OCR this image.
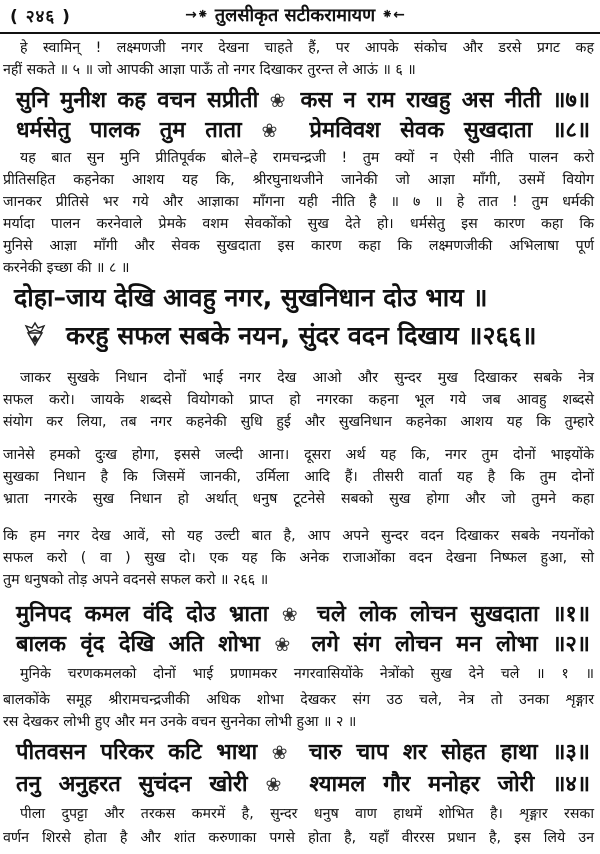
( २४६ )	→⁕ तुलसीकृत सटीकरामायण ⁕←
हे स्वामिन् ! लक्ष्मणजी नगर देखना चाहते हैं, पर आपके संकोच और डरसे प्रगट कह
नहीं सकते ॥ ५ ॥ जो आपकी आज्ञा पाऊँ तो नगर दिखाकर तुरन्त ले आऊं ॥ ६ ॥
सुनि मुनीश कह वचन सप्रीती ❀ कस न राम राखहु अस नीती ॥७॥
धर्मसेतु पालक तुम ताता ❀ प्रेमविवश सेवक सुखदाता ॥८॥
यह बात सुन मुनि प्रीतिपूर्वक बोले–हे रामचन्द्रजी ! तुम क्यों न ऐसी नीति पालन करो
प्रीतिसहित कहनेका आशय यह कि, श्रीरघुनाथजीने जानेकी जो आज्ञा माँगी, उसमें वियोग
जानकर प्रीतिसे भर गये और आज्ञाका माँगना यही नीति है ॥ ७ ॥ हे तात ! तुम धर्मकी
मर्यादा पालन करनेवाले प्रेमके वशम सेवकोंको सुख देते हो। धर्मसेतु इस कारण कहा कि
मुनिसे आज्ञा माँगी और सेवक सुखदाता इस कारण कहा कि लक्ष्मणजीकी अभिलाषा पूर्ण
करनेकी इच्छा की ॥ ८ ॥
दोहा–जाय देखि आवहु नगर, सुखनिधान दोउ भाय ॥
करहु सफल सबके नयन, सुंदर वदन दिखाय ॥२६६॥
जाकर सुखके निधान दोनों भाई नगर देख आओ और सुन्दर मुख दिखाकर सबके नेत्र
सफल करो। जायके शब्दसे वियोगको प्राप्त हो नगरका कहना भूल गये जब आवहु शब्दसे
संयोग कर लिया, तब नगर कहनेकी सुधि हुई और सुखनिधान कहनेका आशय यह कि तुम्हारे
जानेसे हमको दुःख होगा, इससे जल्दी आना। दूसरा अर्थ यह कि, नगर तुम दोनों भाइयोंके
सुखका निधान है कि जिसमें जानकी, उर्मिला आदि हैं। तीसरी वार्ता यह है कि तुम दोनों
भ्राता नगरके सुख निधान हो अर्थात् धनुष टूटनेसे सबको सुख होगा और जो तुमने कहा
कि हम नगर देख आवें, सो यह उल्टी बात है, आप अपने सुन्दर वदन दिखाकर सबके नयनोंको
सफल करो ( वा ) सुख दो। एक यह कि अनेक राजाओंका वदन देखना निष्फल हुआ, सो
तुम धनुषको तोड़ अपने वदनसे सफल करो ॥ २६६ ॥
मुनिपद कमल वंदि दोउ भ्राता ❀ चले लोक लोचन सुखदाता ॥१॥
बालक वृंद देखि अति शोभा ❀ लगे संग लोचन मन लोभा ॥२॥
मुनिके चरणकमलको दोनों भाई प्रणामकर नगरवासियोंके नेत्रोंको सुख देने चले ॥ १ ॥
बालकोंके समूह श्रीरामचन्द्रजीकी अधिक शोभा देखकर संग उठ चले, नेत्र तो उनका शृङ्गार
रस देखकर लोभी हुए और मन उनके वचन सुननेका लोभी हुआ ॥ २ ॥
पीतवसन परिकर कटि भाथा ❀ चारु चाप शर सोहत हाथा ॥३॥
तनु अनुहरत सुचंदन खोरी ❀ श्यामल गौर मनोहर जोरी ॥४॥
पीला दुपट्टा और तरकस कमरमें है, सुन्दर धनुष वाण हाथमें शोभित है। शृङ्गार रसका
वर्णन शिरसे होता है और शांत करुणाका पगसे होता है, यहाँ वीररस प्रधान है, इस लिये उन
